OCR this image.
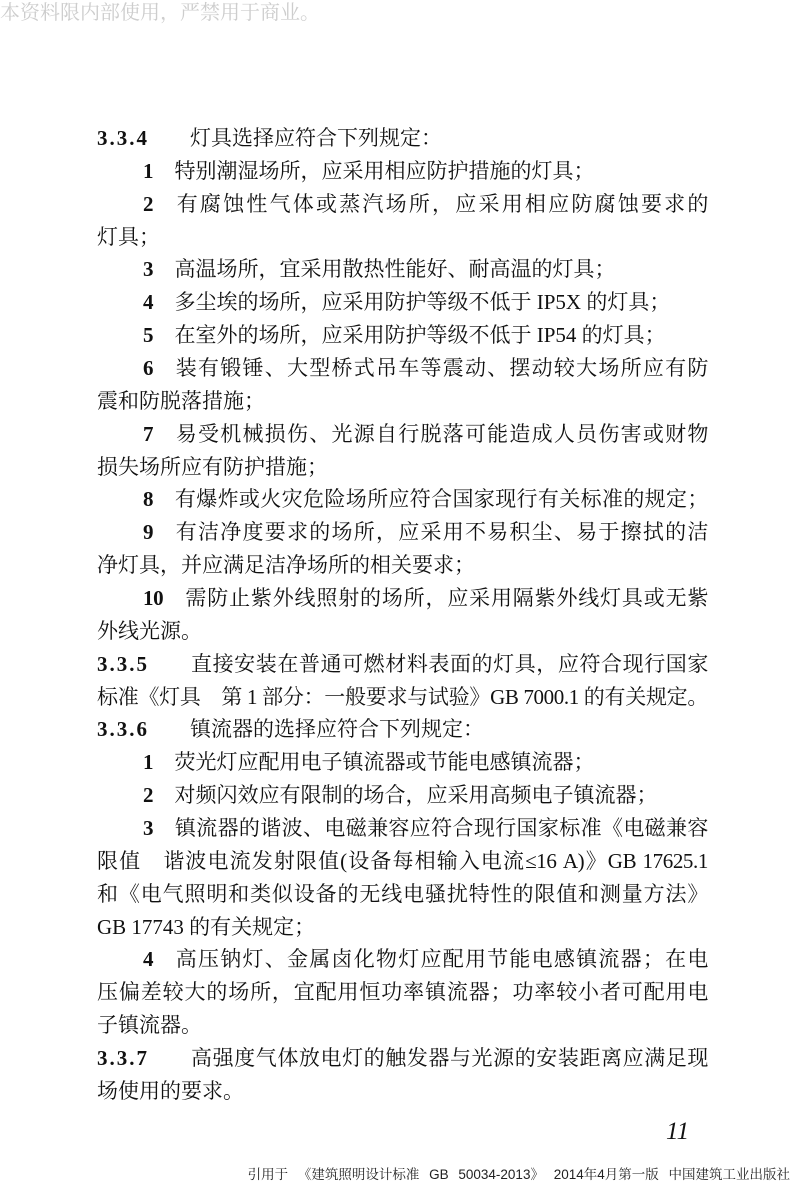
本资料限内部使用，严禁用于商业。
3.3.4 灯具选择应符合下列规定：
1 特别潮湿场所，应采用相应防护措施的灯具；
2 有腐蚀性气体或蒸汽场所，应采用相应防腐蚀要求的
灯具；
3 高温场所，宜采用散热性能好、耐高温的灯具；
4 多尘埃的场所，应采用防护等级不低于 IP5X 的灯具；
5 在室外的场所，应采用防护等级不低于 IP54 的灯具；
6 装有锻锤、大型桥式吊车等震动、摆动较大场所应有防
震和防脱落措施；
7 易受机械损伤、光源自行脱落可能造成人员伤害或财物
损失场所应有防护措施；
8 有爆炸或火灾危险场所应符合国家现行有关标准的规定；
9 有洁净度要求的场所，应采用不易积尘、易于擦拭的洁
净灯具，并应满足洁净场所的相关要求；
10 需防止紫外线照射的场所，应采用隔紫外线灯具或无紫
外线光源。
3.3.5 直接安装在普通可燃材料表面的灯具，应符合现行国家
标准《灯具　第 1 部分：一般要求与试验》GB 7000.1 的有关规定。
3.3.6 镇流器的选择应符合下列规定：
1 荧光灯应配用电子镇流器或节能电感镇流器；
2 对频闪效应有限制的场合，应采用高频电子镇流器；
3 镇流器的谐波、电磁兼容应符合现行国家标准《电磁兼容
限值　谐波电流发射限值(设备每相输入电流≤16 A)》GB 17625.1
和《电气照明和类似设备的无线电骚扰特性的限值和测量方法》
GB 17743 的有关规定；
4 高压钠灯、金属卤化物灯应配用节能电感镇流器；在电
压偏差较大的场所，宜配用恒功率镇流器；功率较小者可配用电
子镇流器。
3.3.7 高强度气体放电灯的触发器与光源的安装距离应满足现
场使用的要求。
11
引用于 《建筑照明设计标准 GB 50034-2013》 2014年4月第一版 中国建筑工业出版社
